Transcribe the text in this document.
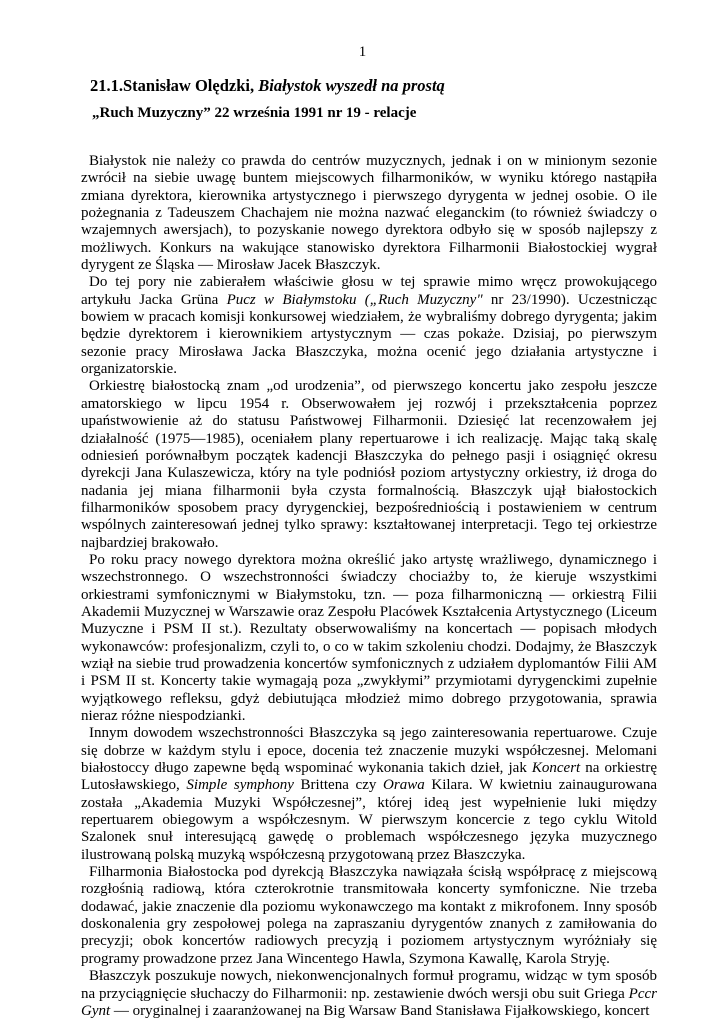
1
21.1.Stanisław Olędzki, Białystok wyszedł na prostą
„Ruch Muzyczny” 22 września 1991 nr 19 - relacje

Białystok nie należy co prawda do centrów muzycznych, jednak i on w minionym sezonie zwrócił na siebie uwagę buntem miejscowych filharmoników, w wyniku którego nastąpiła zmiana dyrektora, kierownika artystycznego i pierwszego dyrygenta w jednej osobie. O ile pożegnania z Tadeuszem Chachajem nie można nazwać eleganckim (to również świadczy o wzajemnych awersjach), to pozyskanie nowego dyrektora odbyło się w sposób najlepszy z możliwych. Konkurs na wakujące stanowisko dyrektora Filharmonii Białostockiej wygrał dyrygent ze Śląska — Mirosław Jacek Błaszczyk.

Do tej pory nie zabierałem właściwie głosu w tej sprawie mimo wręcz prowokującego artykułu Jacka Grüna Pucz w Białymstoku („Ruch Muzyczny" nr 23/1990). Uczestnicząc bowiem w pracach komisji konkursowej wiedziałem, że wybraliśmy dobrego dyrygenta; jakim będzie dyrektorem i kierownikiem artystycznym — czas pokaże. Dzisiaj, po pierwszym sezonie pracy Mirosława Jacka Błaszczyka, można ocenić jego działania artystyczne i organizatorskie.

Orkiestrę białostocką znam „od urodzenia”, od pierwszego koncertu jako zespołu jeszcze amatorskiego w lipcu 1954 r. Obserwowałem jej rozwój i przekształcenia poprzez upaństwowienie aż do statusu Państwowej Filharmonii. Dziesięć lat recenzowałem jej działalność (1975—1985), oceniałem plany repertuarowe i ich realizację. Mając taką skalę odniesień porównałbym początek kadencji Błaszczyka do pełnego pasji i osiągnięć okresu dyrekcji Jana Kulaszewicza, który na tyle podniósł poziom artystyczny orkiestry, iż droga do nadania jej miana filharmonii była czysta formalnością. Błaszczyk ujął białostockich filharmoników sposobem pracy dyrygenckiej, bezpośredniością i postawieniem w centrum wspólnych zainteresowań jednej tylko sprawy: kształtowanej interpretacji. Tego tej orkiestrze najbardziej brakowało.

Po roku pracy nowego dyrektora można określić jako artystę wrażliwego, dynamicznego i wszechstronnego. O wszechstronności świadczy chociażby to, że kieruje wszystkimi orkiestrami symfonicznymi w Białymstoku, tzn. — poza filharmoniczną — orkiestrą Filii Akademii Muzycznej w Warszawie oraz Zespołu Placówek Kształcenia Artystycznego (Liceum Muzyczne i PSM II st.). Rezultaty obserwowaliśmy na koncertach — popisach młodych wykonawców: profesjonalizm, czyli to, o co w takim szkoleniu chodzi. Dodajmy, że Błaszczyk wziął na siebie trud prowadzenia koncertów symfonicznych z udziałem dyplomantów Filii AM i PSM II st. Koncerty takie wymagają poza „zwykłymi” przymiotami dyrygenckimi zupełnie wyjątkowego refleksu, gdyż debiutująca młodzież mimo dobrego przygotowania, sprawia nieraz różne niespodzianki.

Innym dowodem wszechstronności Błaszczyka są jego zainteresowania repertuarowe. Czuje się dobrze w każdym stylu i epoce, docenia też znaczenie muzyki współczesnej. Melomani białostoccy długo zapewne będą wspominać wykonania takich dzieł, jak Koncert na orkiestrę Lutosławskiego, Simple symphony Brittena czy Orawa Kilara. W kwietniu zainaugurowana została „Akademia Muzyki Współczesnej”, której ideą jest wypełnienie luki między repertuarem obiegowym a współczesnym. W pierwszym koncercie z tego cyklu Witold Szalonek snuł interesującą gawędę o problemach współczesnego języka muzycznego ilustrowaną polską muzyką współczesną przygotowaną przez Błaszczyka.

Filharmonia Białostocka pod dyrekcją Błaszczyka nawiązała ścisłą współpracę z miejscową rozgłośnią radiową, która czterokrotnie transmitowała koncerty symfoniczne. Nie trzeba dodawać, jakie znaczenie dla poziomu wykonawczego ma kontakt z mikrofonem. Inny sposób doskonalenia gry zespołowej polega na zapraszaniu dyrygentów znanych z zamiłowania do precyzji; obok koncertów radiowych precyzją i poziomem artystycznym wyróżniały się programy prowadzone przez Jana Wincentego Hawla, Szymona Kawallę, Karola Stryję.

Błaszczyk poszukuje nowych, niekonwencjonalnych formuł programu, widząc w tym sposób na przyciągnięcie słuchaczy do Filharmonii: np. zestawienie dwóch wersji obu suit Griega Pccr Gynt — oryginalnej i zaaranżowanej na Big Warsaw Band Stanisława Fijałkowskiego, koncert
